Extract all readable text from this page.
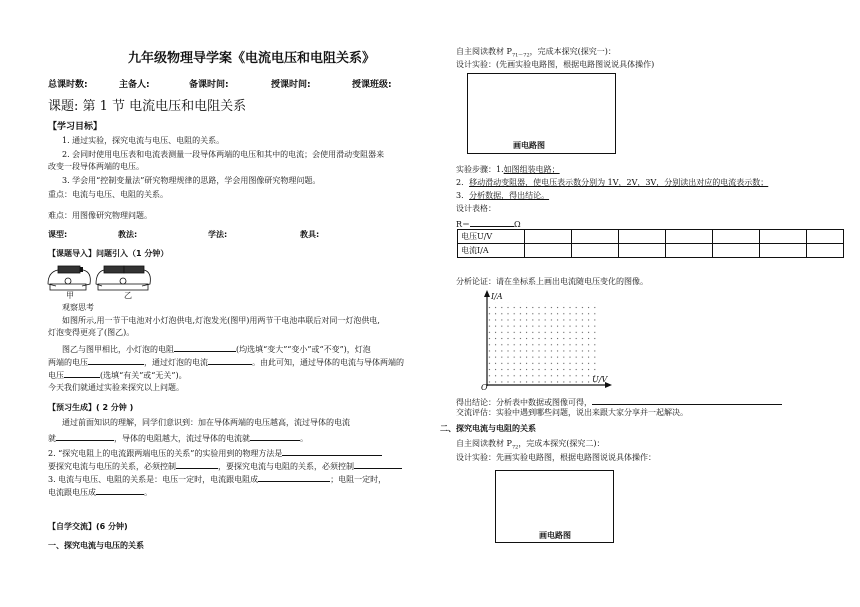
九年级物理导学案《电流电压和电阻关系》
总课时数:	主备人:	备课时间:	授课时间:	授课班级:
课题: 第 1 节 电流电压和电阻关系
【学习目标】
1. 通过实验，探究电流与电压、电阻的关系。
2. 会同时使用电压表和电流表测量一段导体两端的电压和其中的电流；会使用滑动变阻器来
改变一段导体两端的电压。
3. 学会用“控制变量法”研究物理规律的思路，学会用图像研究物理问题。
重点：电流与电压、电阻的关系。
难点：用图像研究物理问题。
课型:	教法:	学法:	教具:
【课题导入】问题引入（1 分钟）
甲	乙
观察思考
如图所示,用一节干电池对小灯泡供电,灯泡发光(图甲)用两节干电池串联后对同一灯泡供电,
灯泡变得更亮了(图乙)。
图乙与图甲相比，小灯泡的电阻	(均选填“变大”“变小”或“不变”)，灯泡
两端的电压	，通过灯泡的电流	。由此可知，通过导体的电流与导体两端的
电压	(选填“有关”或“无关”)。
今天我们就通过实验来探究以上问题。
【预习生成】( 2 分钟 )
通过前面知识的理解，同学们意识到：加在导体两端的电压越高，流过导体的电流
就	，导体的电阻越大，流过导体的电流就	。
2. “探究电阻上的电流跟两端电压的关系”的实验用到的物理方法是
要探究电流与电压的关系，必须控制	，要探究电流与电阻的关系，必须控制
3. 电流与电压、电阻的关系是：电压一定时，电流跟电阻成	；电阻一定时，
电流跟电压成	。
【自学交流】(6 分钟)
一、探究电流与电压的关系
自主阅读教材 $P_{71\sim 72}$，完成本探究(探究一)：
设计实验：(先画实验电路图，根据电路图说说具体操作)
画电路图
实验步骤：1.如图组装电路；
2．移动滑动变阻器，使电压表示数分别为 1V，2V，3V，分别读出对应的电流表示数；
3．分析数据，得出结论。
设计表格：
R＝	Ω
电压U/V							
电流I/A							
分析论证：请在坐标系上画出电流随电压变化的图像。
I/A
U/V
O
得出结论：分析表中数据或图像可得，
交流评估：实验中遇到哪些问题，说出来跟大家分享并一起解决。
二、探究电流与电阻的关系
自主阅读教材 $P_{72}$，完成本探究(探究二)：
设计实验：先画实验电路图，根据电路图说说具体操作：
画电路图
